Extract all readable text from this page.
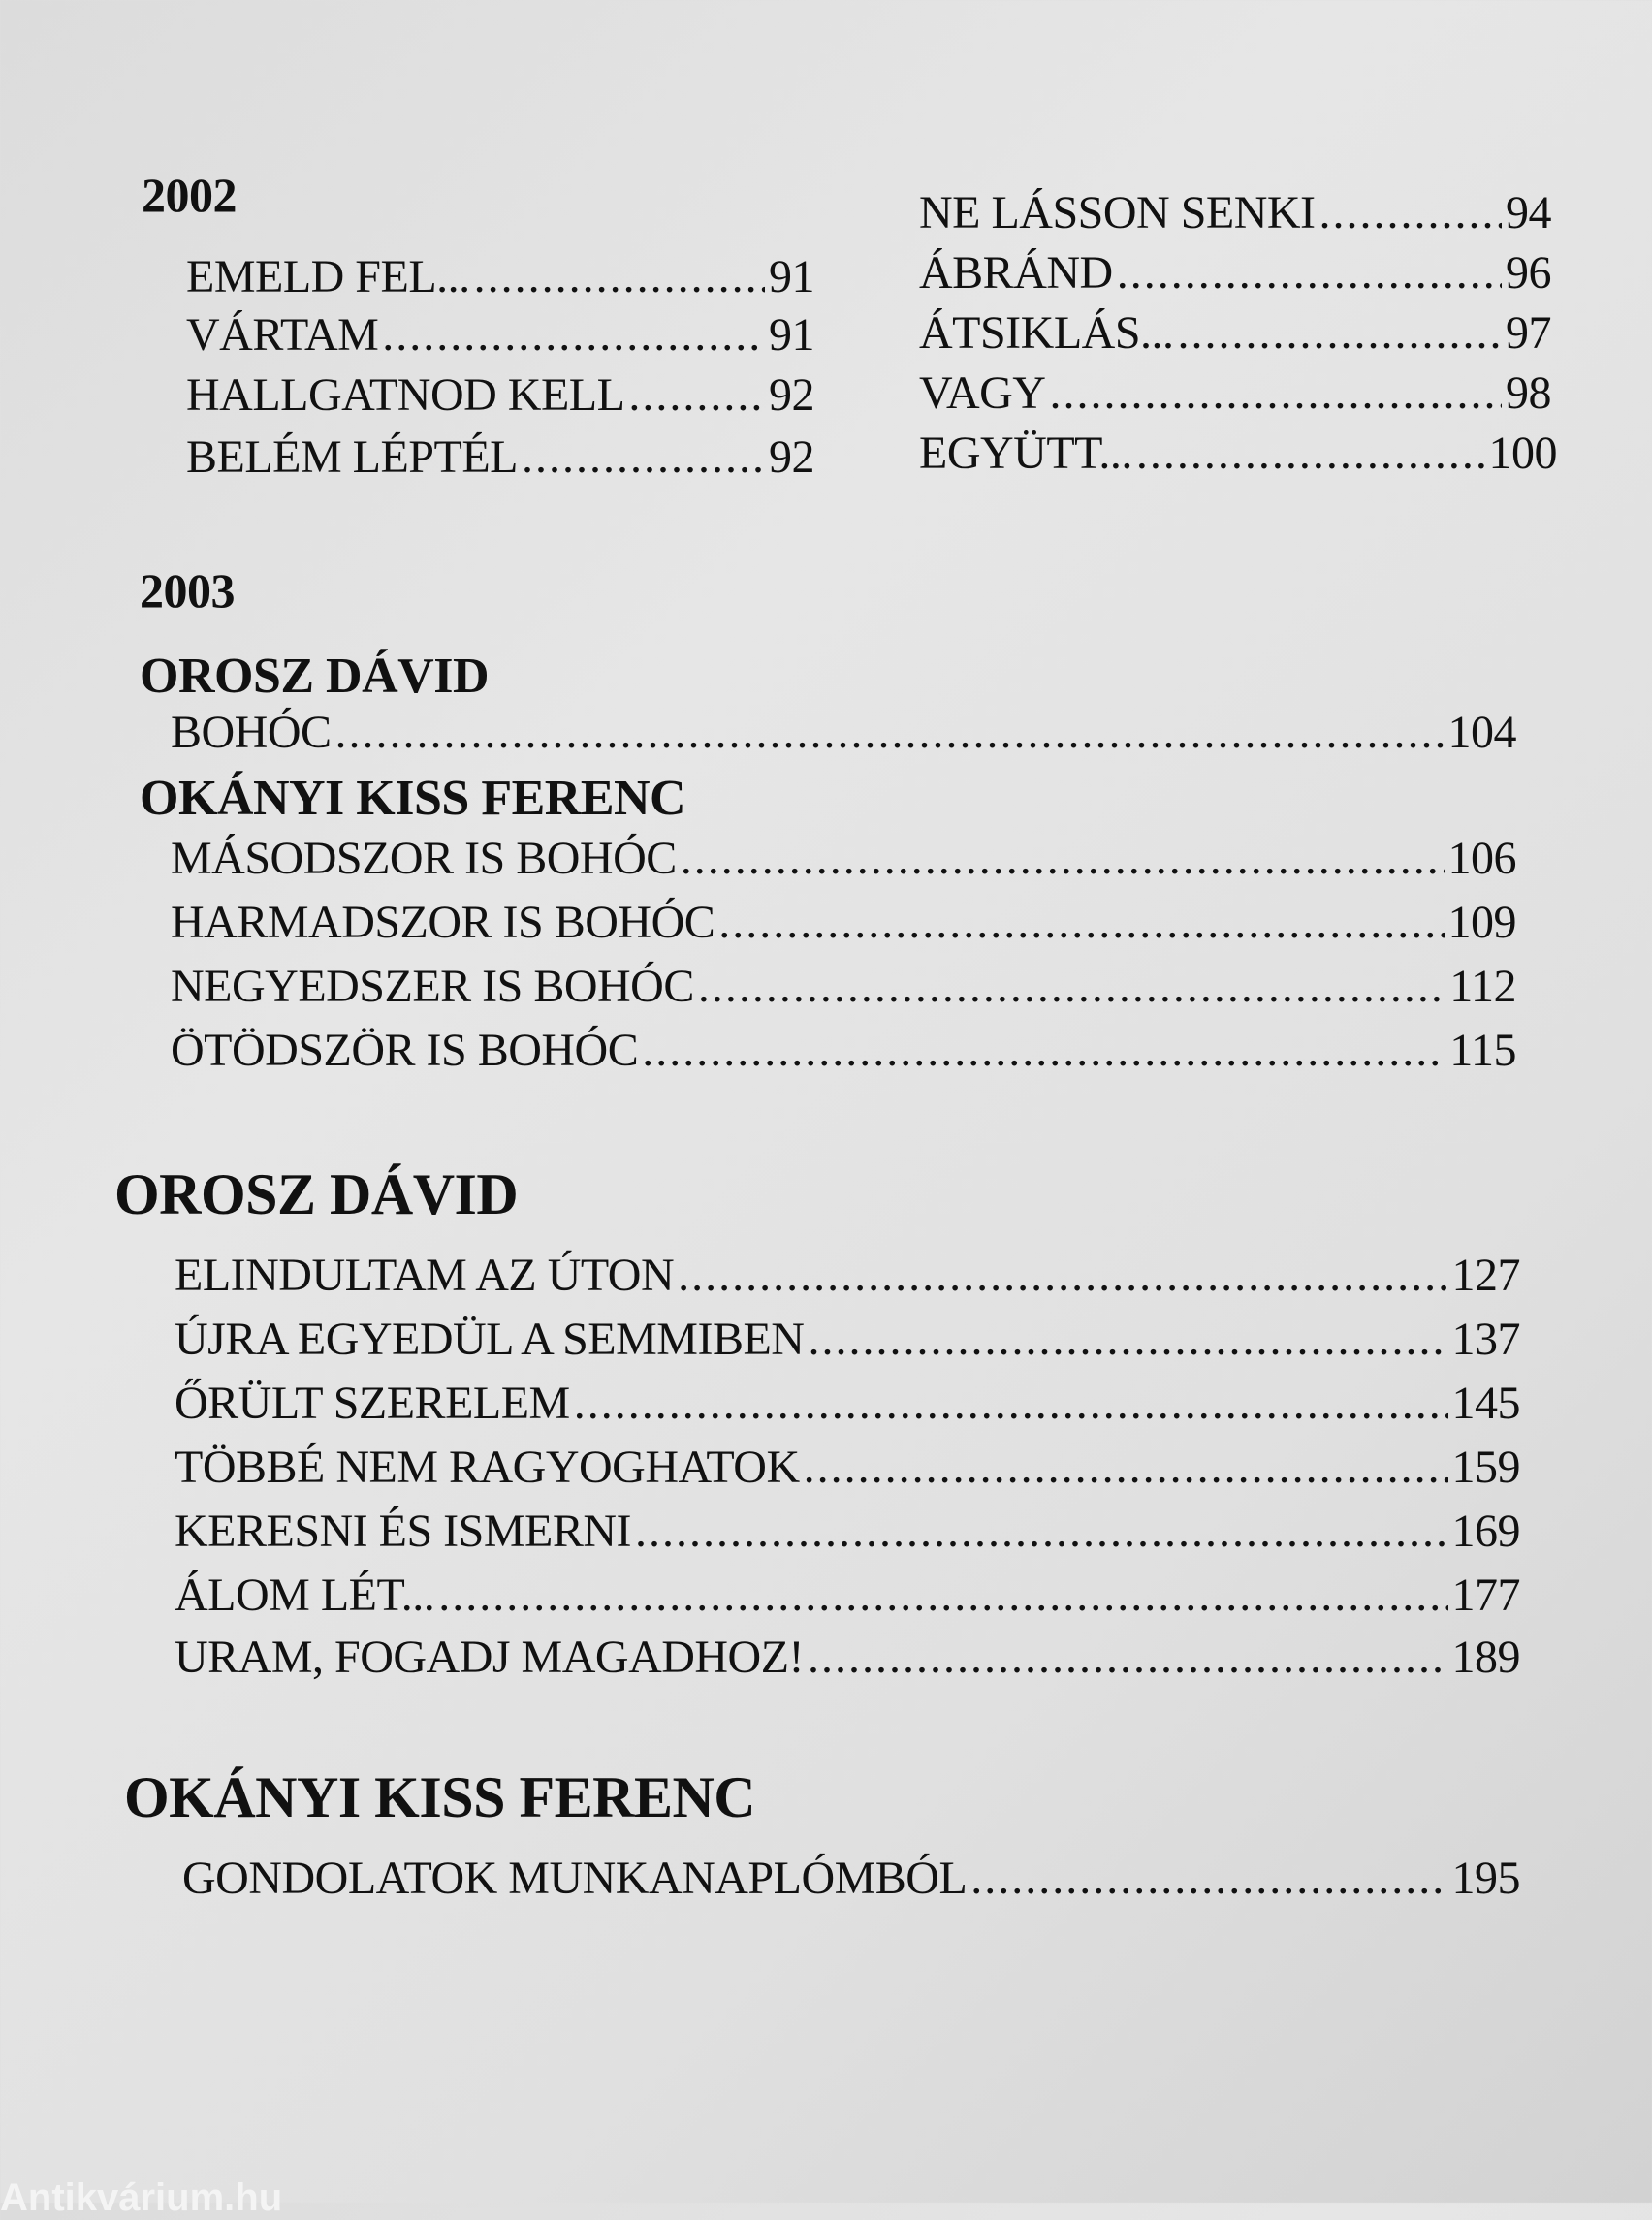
2002
EMELD FEL... .....	91
VÁRTAM .....	91
HALLGATNOD KELL .....	92
BELÉM LÉPTÉL .....	92
NE LÁSSON SENKI .....	94
ÁBRÁND .....	96
ÁTSIKLÁS... .....	97
VAGY .....	98
EGYÜTT... .....	100
2003
OROSZ DÁVID
BOHÓC .....	104
OKÁNYI KISS FERENC
MÁSODSZOR IS BOHÓC .....	106
HARMADSZOR IS BOHÓC .....	109
NEGYEDSZER IS BOHÓC .....	112
ÖTÖDSZÖR IS BOHÓC .....	115
OROSZ DÁVID
ELINDULTAM AZ ÚTON .....	127
ÚJRA EGYEDÜL A SEMMIBEN .....	137
ŐRÜLT SZERELEM .....	145
TÖBBÉ NEM RAGYOGHATOK .....	159
KERESNI ÉS ISMERNI .....	169
ÁLOM LÉT... .....	177
URAM, FOGADJ MAGADHOZ! .....	189
OKÁNYI KISS FERENC
GONDOLATOK MUNKANAPLÓMBÓL .....	195
Antikvárium.hu
